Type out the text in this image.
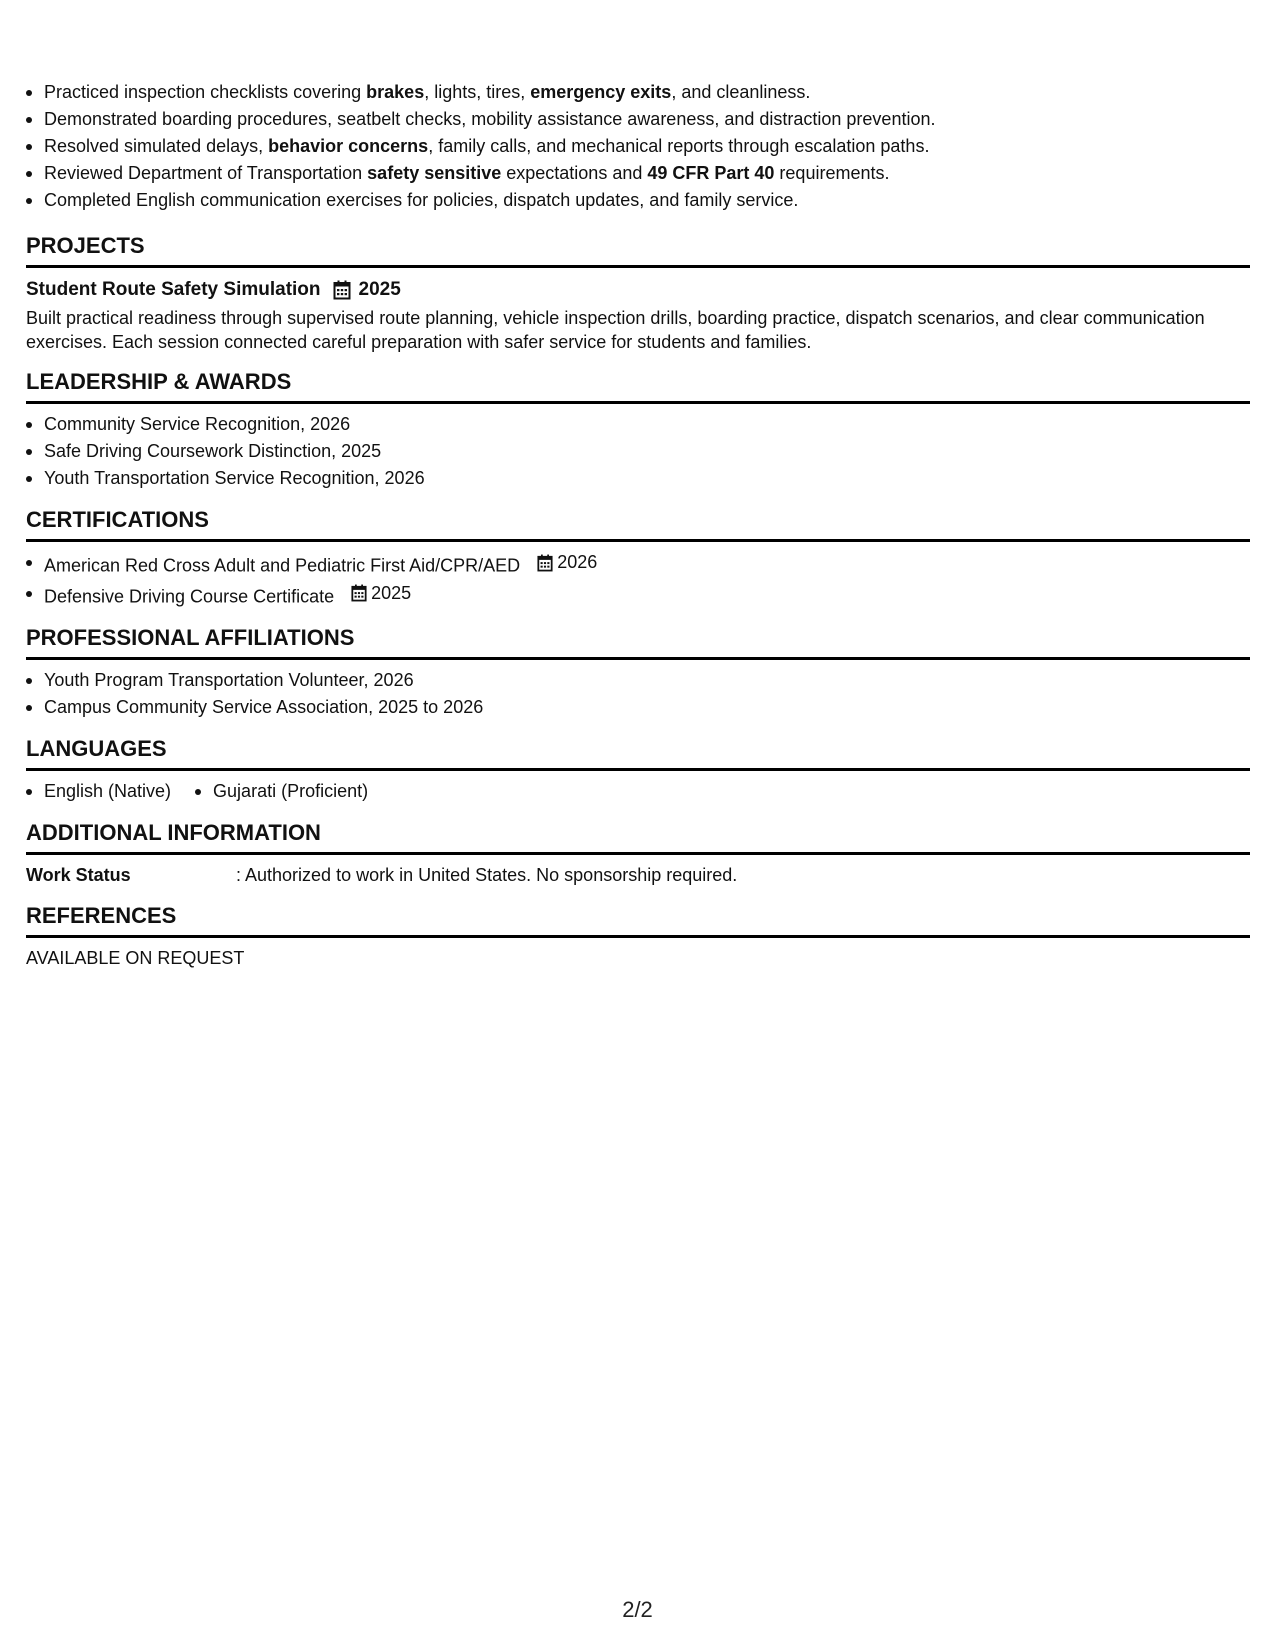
Practiced inspection checklists covering brakes, lights, tires, emergency exits, and cleanliness.
Demonstrated boarding procedures, seatbelt checks, mobility assistance awareness, and distraction prevention.
Resolved simulated delays, behavior concerns, family calls, and mechanical reports through escalation paths.
Reviewed Department of Transportation safety sensitive expectations and 49 CFR Part 40 requirements.
Completed English communication exercises for policies, dispatch updates, and family service.
PROJECTS
Student Route Safety Simulation 2025

Built practical readiness through supervised route planning, vehicle inspection drills, boarding practice, dispatch scenarios, and clear communication exercises. Each session connected careful preparation with safer service for students and families.

LEADERSHIP & AWARDS
Community Service Recognition, 2026
Safe Driving Coursework Distinction, 2025
Youth Transportation Service Recognition, 2026
CERTIFICATIONS
American Red Cross Adult and Pediatric First Aid/CPR/AED 2026
Defensive Driving Course Certificate 2025
PROFESSIONAL AFFILIATIONS
Youth Program Transportation Volunteer, 2026
Campus Community Service Association, 2025 to 2026
LANGUAGES
English (Native)	Gujarati (Proficient)
ADDITIONAL INFORMATION
Work Status	: Authorized to work in United States. No sponsorship required.
REFERENCES
AVAILABLE ON REQUEST
2/2
